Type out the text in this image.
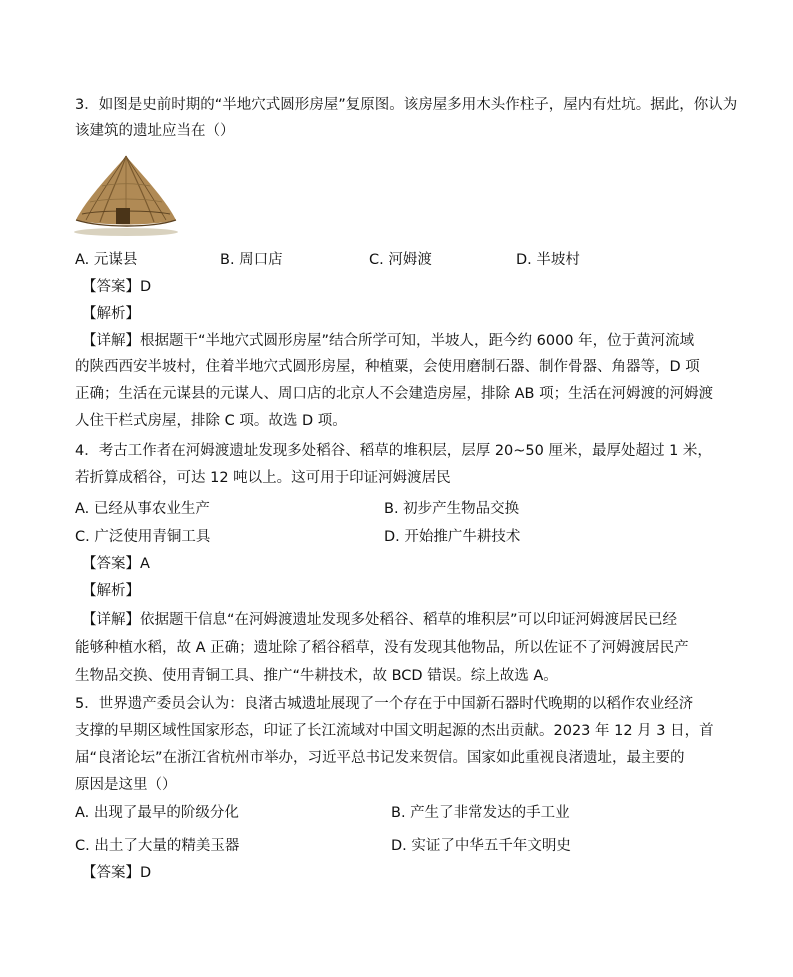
3．如图是史前时期的“半地穴式圆形房屋”复原图。该房屋多用木头作柱子，屋内有灶坑。据此，你认为
该建筑的遗址应当在（）
A. 元谋县	B. 周口店	C. 河姆渡	D. 半坡村
【答案】D
【解析】
【详解】根据题干“半地穴式圆形房屋”结合所学可知，半坡人，距今约 6000 年，位于黄河流域
的陕西西安半坡村，住着半地穴式圆形房屋，种植粟，会使用磨制石器、制作骨器、角器等，D 项
正确；生活在元谋县的元谋人、周口店的北京人不会建造房屋，排除 AB 项；生活在河姆渡的河姆渡
人住干栏式房屋，排除 C 项。故选 D 项。
4．考古工作者在河姆渡遗址发现多处稻谷、稻草的堆积层，层厚 20~50 厘米，最厚处超过 1 米，
若折算成稻谷，可达 12 吨以上。这可用于印证河姆渡居民
A. 已经从事农业生产	B. 初步产生物品交换
C. 广泛使用青铜工具	D. 开始推广牛耕技术
【答案】A
【解析】
【详解】依据题干信息“在河姆渡遗址发现多处稻谷、稻草的堆积层”可以印证河姆渡居民已经
能够种植水稻，故 A 正确；遗址除了稻谷稻草，没有发现其他物品，所以佐证不了河姆渡居民产
生物品交换、使用青铜工具、推广“牛耕技术，故 BCD 错误。综上故选 A。
5．世界遗产委员会认为：良渚古城遗址展现了一个存在于中国新石器时代晚期的以稻作农业经济
支撑的早期区域性国家形态，印证了长江流域对中国文明起源的杰出贡献。2023 年 12 月 3 日，首
届“良渚论坛”在浙江省杭州市举办，习近平总书记发来贺信。国家如此重视良渚遗址，最主要的
原因是这里（）
A. 出现了最早的阶级分化	B. 产生了非常发达的手工业
C. 出土了大量的精美玉器	D. 实证了中华五千年文明史
【答案】D
